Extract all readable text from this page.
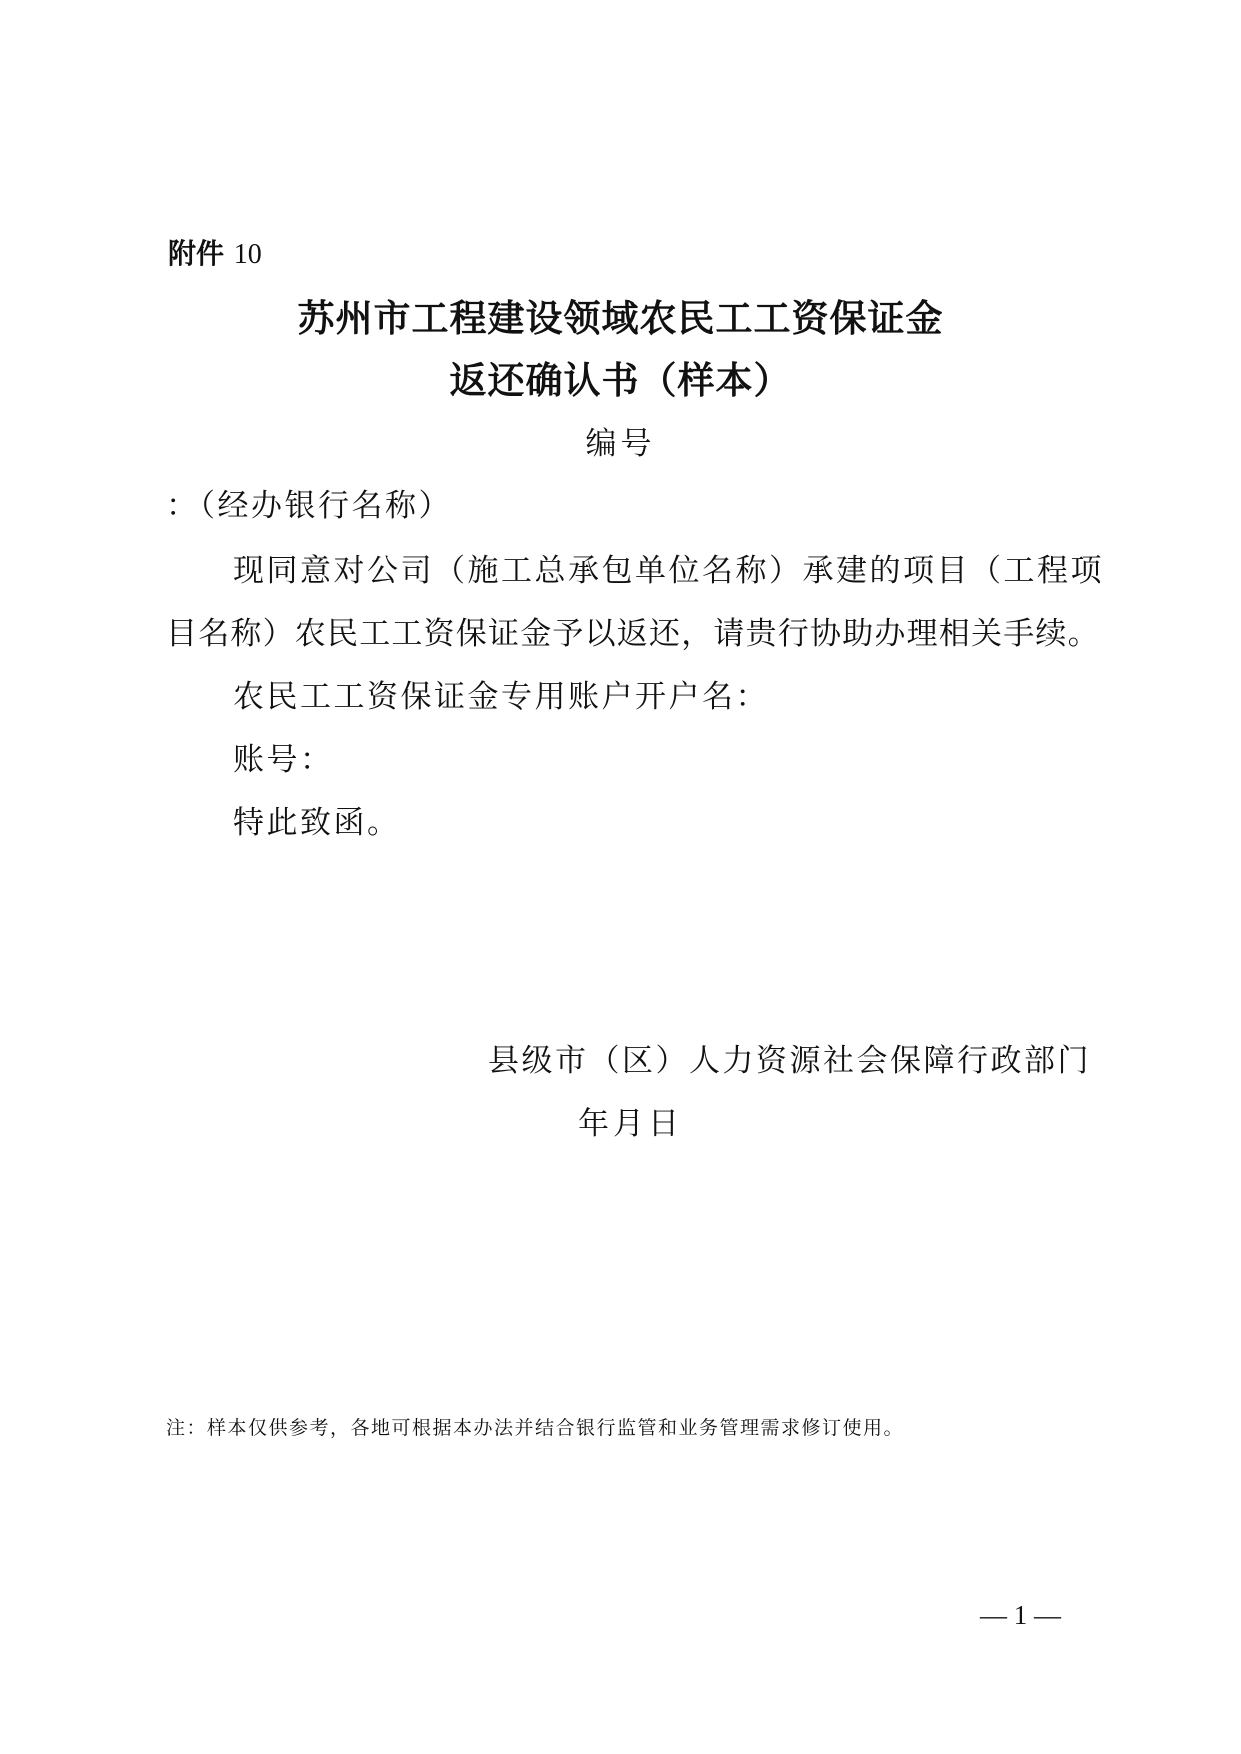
附件 10
苏州市工程建设领域农民工工资保证金
返还确认书（样本）
编号
：（经办银行名称）
现同意对公司（施工总承包单位名称）承建的项目（工程项
目名称）农民工工资保证金予以返还，请贵行协助办理相关手续。
农民工工资保证金专用账户开户名：
账号：
特此致函。
县级市（区）人力资源社会保障行政部门
年月日
注：样本仅供参考，各地可根据本办法并结合银行监管和业务管理需求修订使用。
— 1 —
